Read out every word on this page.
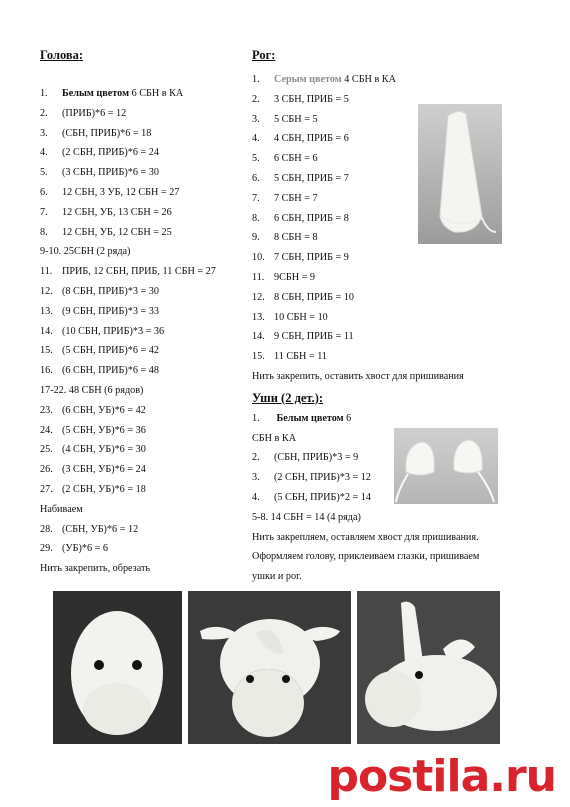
Голова:
1. Белым цветом 6 СБН в КА
2. (ПРИБ)*6 = 12
3. (СБН, ПРИБ)*6 = 18
4. (2 СБН, ПРИБ)*6 = 24
5. (3 СБН, ПРИБ)*6 = 30
6. 12 СБН, 3 УБ, 12 СБН = 27
7. 12 СБН, УБ, 13 СБН = 26
8. 12 СБН, УБ, 12 СБН = 25
9-10. 25СБН (2 ряда)
11. ПРИБ, 12 СБН, ПРИБ, 11 СБН = 27
12. (8 СБН, ПРИБ)*3 = 30
13. (9 СБН, ПРИБ)*3 = 33
14. (10 СБН, ПРИБ)*3 = 36
15. (5 СБН, ПРИБ)*6 = 42
16. (6 СБН, ПРИБ)*6 = 48
17-22. 48 СБН (6 рядов)
23. (6 СБН, УБ)*6 = 42
24. (5 СБН, УБ)*6 = 36
25. (4 СБН, УБ)*6 = 30
26. (3 СБН, УБ)*6 = 24
27. (2 СБН, УБ)*6 = 18
Набиваем
28. (СБН, УБ)*6 = 12
29. (УБ)*6 = 6
Нить закрепить, обрезать
Рог:
1. Серым цветом 4 СБН в КА
2. 3 СБН, ПРИБ = 5
3. 5 СБН = 5
4. 4 СБН, ПРИБ = 6
5. 6 СБН = 6
6. 5 СБН, ПРИБ = 7
7. 7 СБН = 7
8. 6 СБН, ПРИБ = 8
9. 8 СБН = 8
10. 7 СБН, ПРИБ = 9
11. 9СБН = 9
12. 8 СБН, ПРИБ = 10
13. 10 СБН = 10
14. 9 СБН, ПРИБ = 11
15. 11 СБН = 11
Нить закрепить, оставить хвост для пришивания
Уши (2 дет.):
1. Белым цветом 6
СБН в КА
2. (СБН, ПРИБ)*3 = 9
3. (2 СБН, ПРИБ)*3 = 12
4. (5 СБН, ПРИБ)*2 = 14
5-8. 14 СБН = 14 (4 ряда)
Нить закрепляем, оставляем хвост для пришивания.
Оформляем голову, приклеиваем глазки, пришиваем
ушки и рог.
postila.ru
